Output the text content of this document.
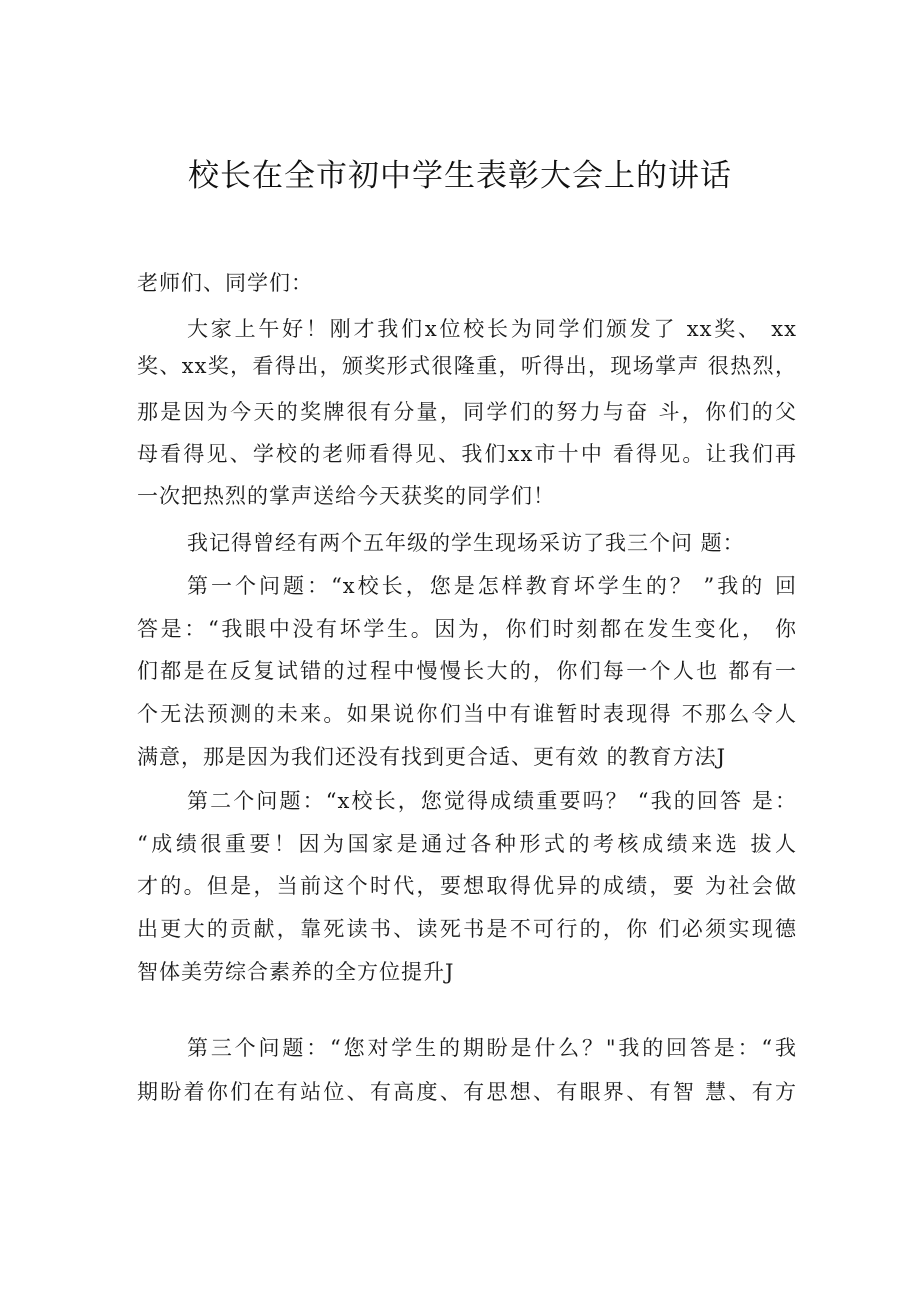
校长在全市初中学生表彰大会上的讲话
老师们、同学们：
大家上午好！刚才我们x位校长为同学们颁发了 xx奖、 xx
奖、xx奖，看得出，颁奖形式很隆重，听得出，现场掌声 很热烈，
那是因为今天的奖牌很有分量，同学们的努力与奋 斗，你们的父
母看得见、学校的老师看得见、我们xx市十中 看得见。让我们再
一次把热烈的掌声送给今天获奖的同学们！
我记得曾经有两个五年级的学生现场采访了我三个问 题：
第一个问题：“x校长，您是怎样教育坏学生的？ ”我的 回
答是：“我眼中没有坏学生。因为，你们时刻都在发生变化， 你
们都是在反复试错的过程中慢慢长大的，你们每一个人也 都有一
个无法预测的未来。如果说你们当中有谁暂时表现得 不那么令人
满意，那是因为我们还没有找到更合适、更有效 的教育方法J
第二个问题：“x校长，您觉得成绩重要吗？ “我的回答 是：
“成绩很重要！因为国家是通过各种形式的考核成绩来选 拔人
才的。但是，当前这个时代，要想取得优异的成绩，要 为社会做
出更大的贡献，靠死读书、读死书是不可行的，你 们必须实现德
智体美劳综合素养的全方位提升J
第三个问题：“您对学生的期盼是什么？"我的回答是：“我
期盼着你们在有站位、有高度、有思想、有眼界、有智 慧、有方
